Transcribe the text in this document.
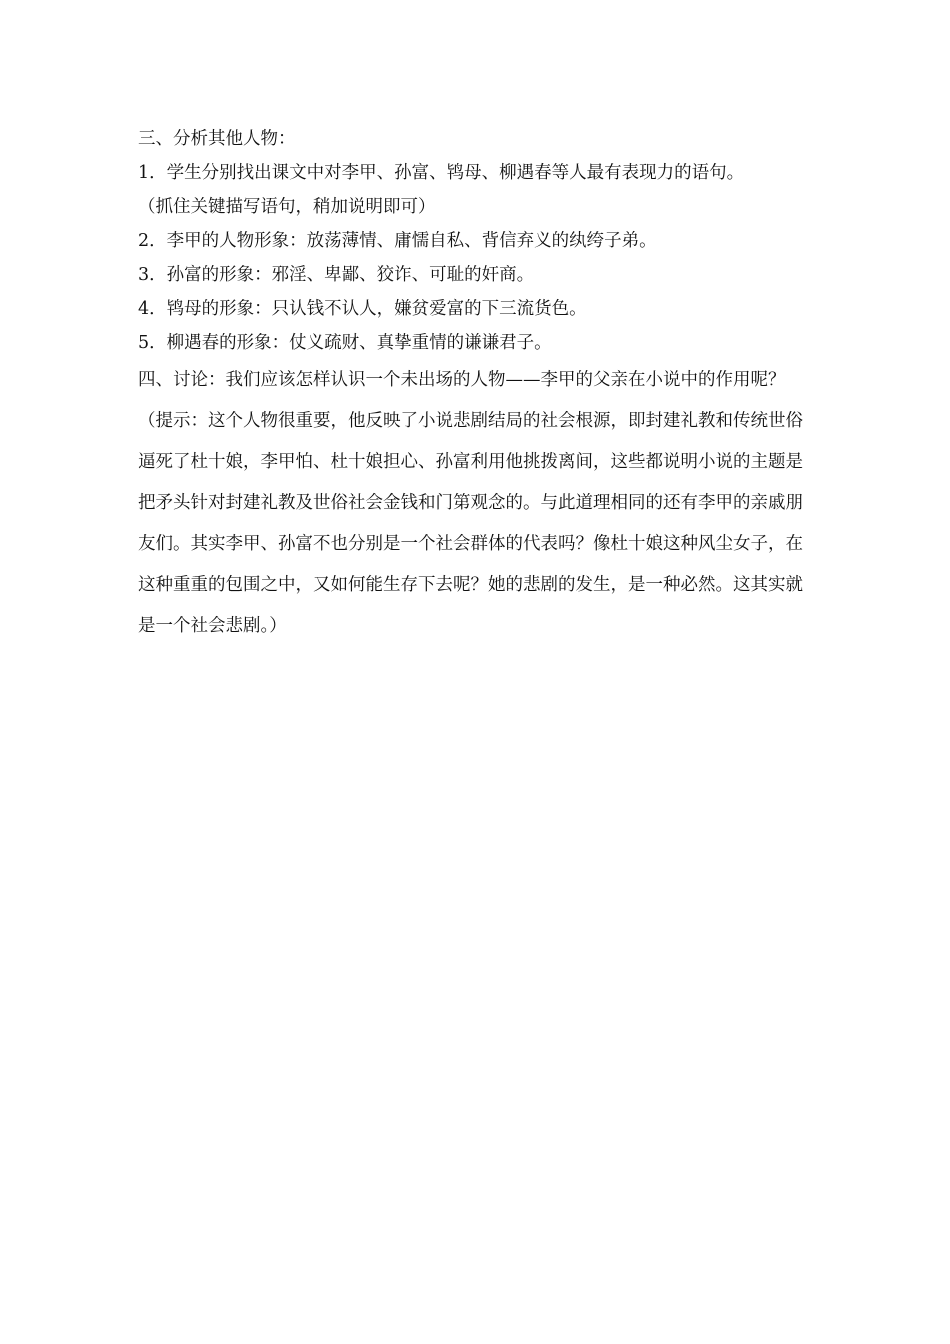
三、分析其他人物：

1．学生分别找出课文中对李甲、孙富、鸨母、柳遇春等人最有表现力的语句。

（抓住关键描写语句，稍加说明即可）

2．李甲的人物形象：放荡薄情、庸懦自私、背信弃义的纨绔子弟。

3．孙富的形象：邪淫、卑鄙、狡诈、可耻的奸商。

4．鸨母的形象：只认钱不认人，嫌贫爱富的下三流货色。

5．柳遇春的形象：仗义疏财、真挚重情的谦谦君子。

四、讨论：我们应该怎样认识一个未出场的人物——李甲的父亲在小说中的作用呢？

（提示：这个人物很重要，他反映了小说悲剧结局的社会根源，即封建礼教和传统世俗逼死了杜十娘，李甲怕、杜十娘担心、孙富利用他挑拨离间，这些都说明小说的主题是把矛头针对封建礼教及世俗社会金钱和门第观念的。与此道理相同的还有李甲的亲戚朋友们。其实李甲、孙富不也分别是一个社会群体的代表吗？像杜十娘这种风尘女子，在这种重重的包围之中，又如何能生存下去呢？她的悲剧的发生，是一种必然。这其实就是一个社会悲剧。）
